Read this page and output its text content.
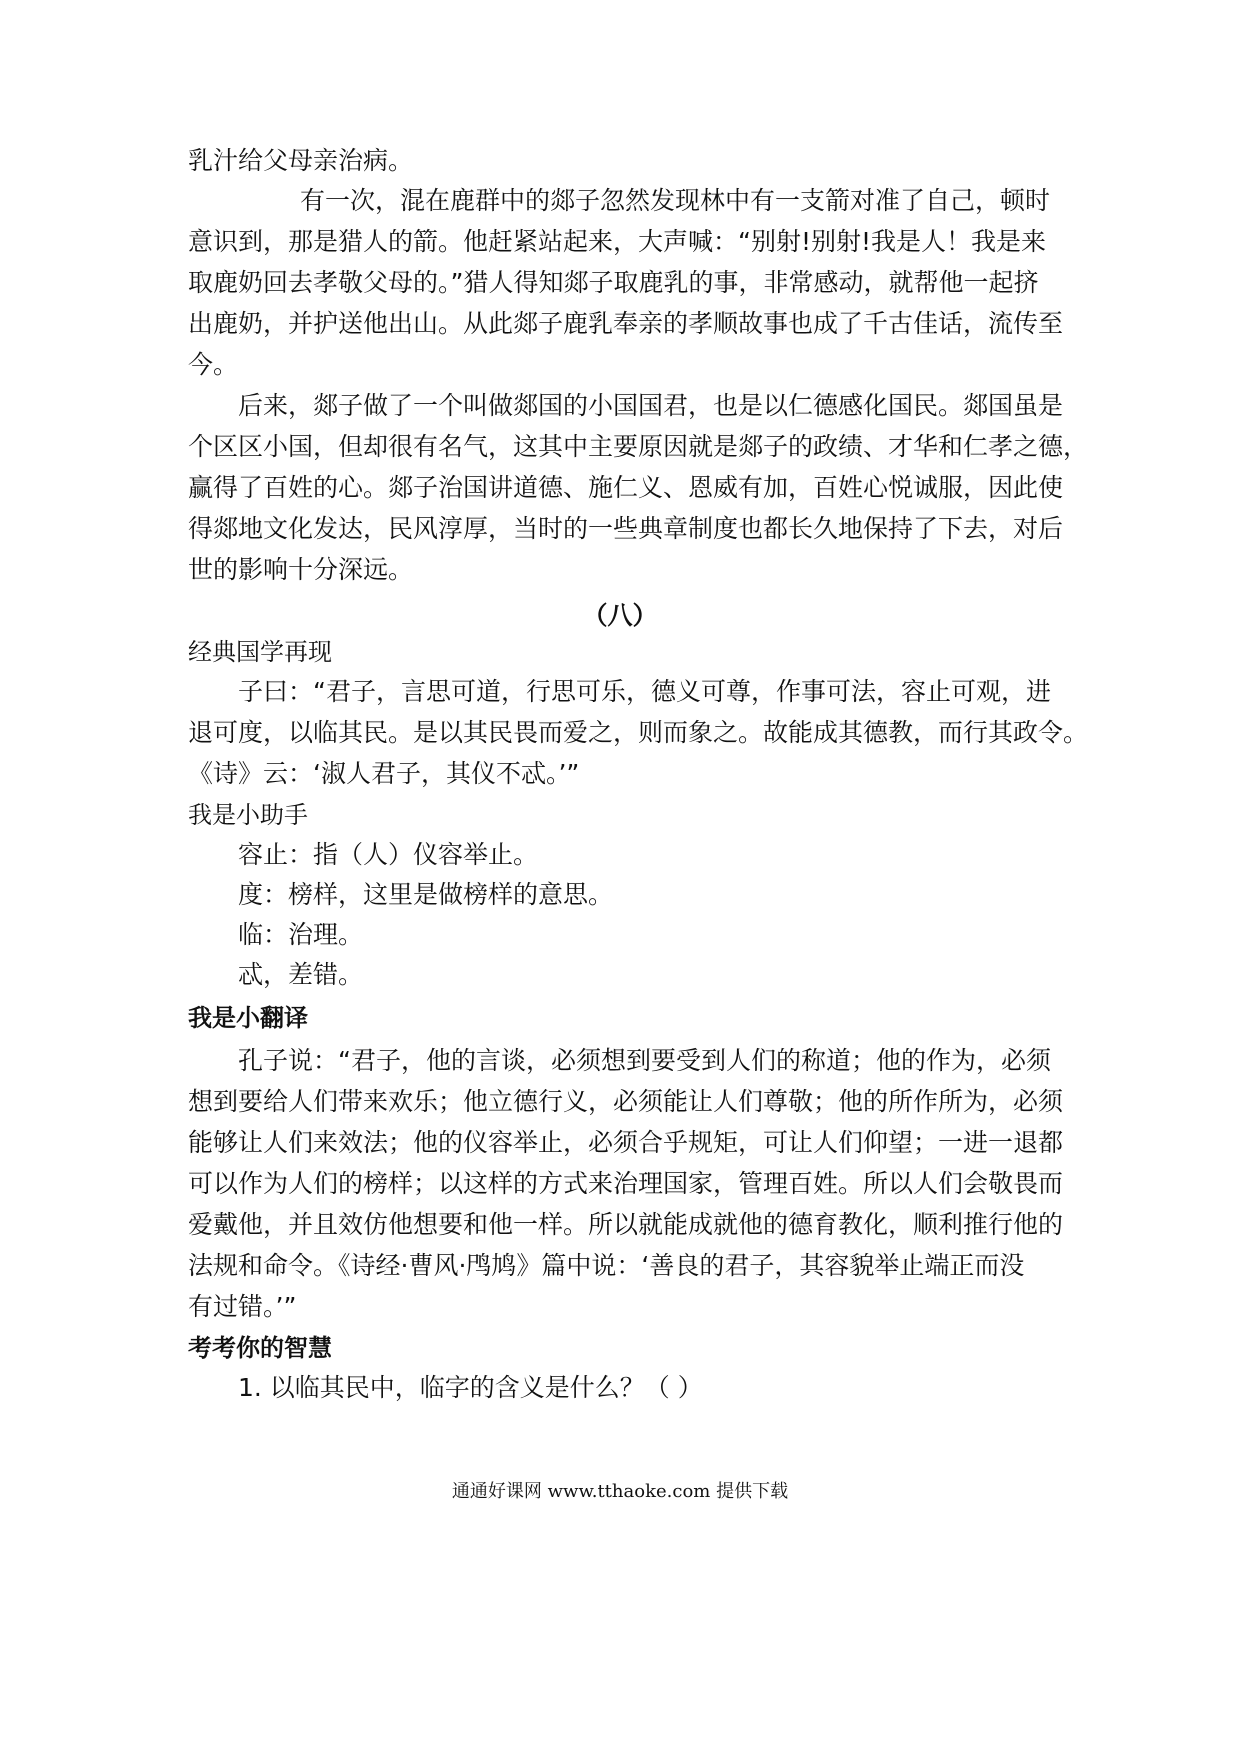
乳汁给父母亲治病。
有一次，混在鹿群中的郯子忽然发现林中有一支箭对准了自己，顿时
意识到，那是猎人的箭。他赶紧站起来，大声喊：“别射!别射!我是人！我是来
取鹿奶回去孝敬父母的。”猎人得知郯子取鹿乳的事，非常感动，就帮他一起挤
出鹿奶，并护送他出山。从此郯子鹿乳奉亲的孝顺故事也成了千古佳话，流传至
今。
后来，郯子做了一个叫做郯国的小国国君，也是以仁德感化国民。郯国虽是
个区区小国，但却很有名气，这其中主要原因就是郯子的政绩、才华和仁孝之德，
赢得了百姓的心。郯子治国讲道德、施仁义、恩威有加，百姓心悦诚服，因此使
得郯地文化发达，民风淳厚，当时的一些典章制度也都长久地保持了下去，对后
世的影响十分深远。
（八）
经典国学再现
子曰：“君子，言思可道，行思可乐，德义可尊，作事可法，容止可观，进
退可度，以临其民。是以其民畏而爱之，则而象之。故能成其德教，而行其政令。
《诗》云：‘淑人君子，其仪不忒。’”
我是小助手
容止：指（人）仪容举止。
度：榜样，这里是做榜样的意思。
临：治理。
忒，差错。
我是小翻译
孔子说：“君子，他的言谈，必须想到要受到人们的称道；他的作为，必须
想到要给人们带来欢乐；他立德行义，必须能让人们尊敬；他的所作所为，必须
能够让人们来效法；他的仪容举止，必须合乎规矩，可让人们仰望；一进一退都
可以作为人们的榜样；以这样的方式来治理国家，管理百姓。所以人们会敬畏而
爱戴他，并且效仿他想要和他一样。所以就能成就他的德育教化，顺利推行他的
法规和命令。《诗经·曹风·鸤鸠》篇中说：‘善良的君子，其容貌举止端正而没
有过错。’”
考考你的智慧
1. 以临其民中，临字的含义是什么？（ ）
通通好课网 www.tthaoke.com 提供下载
